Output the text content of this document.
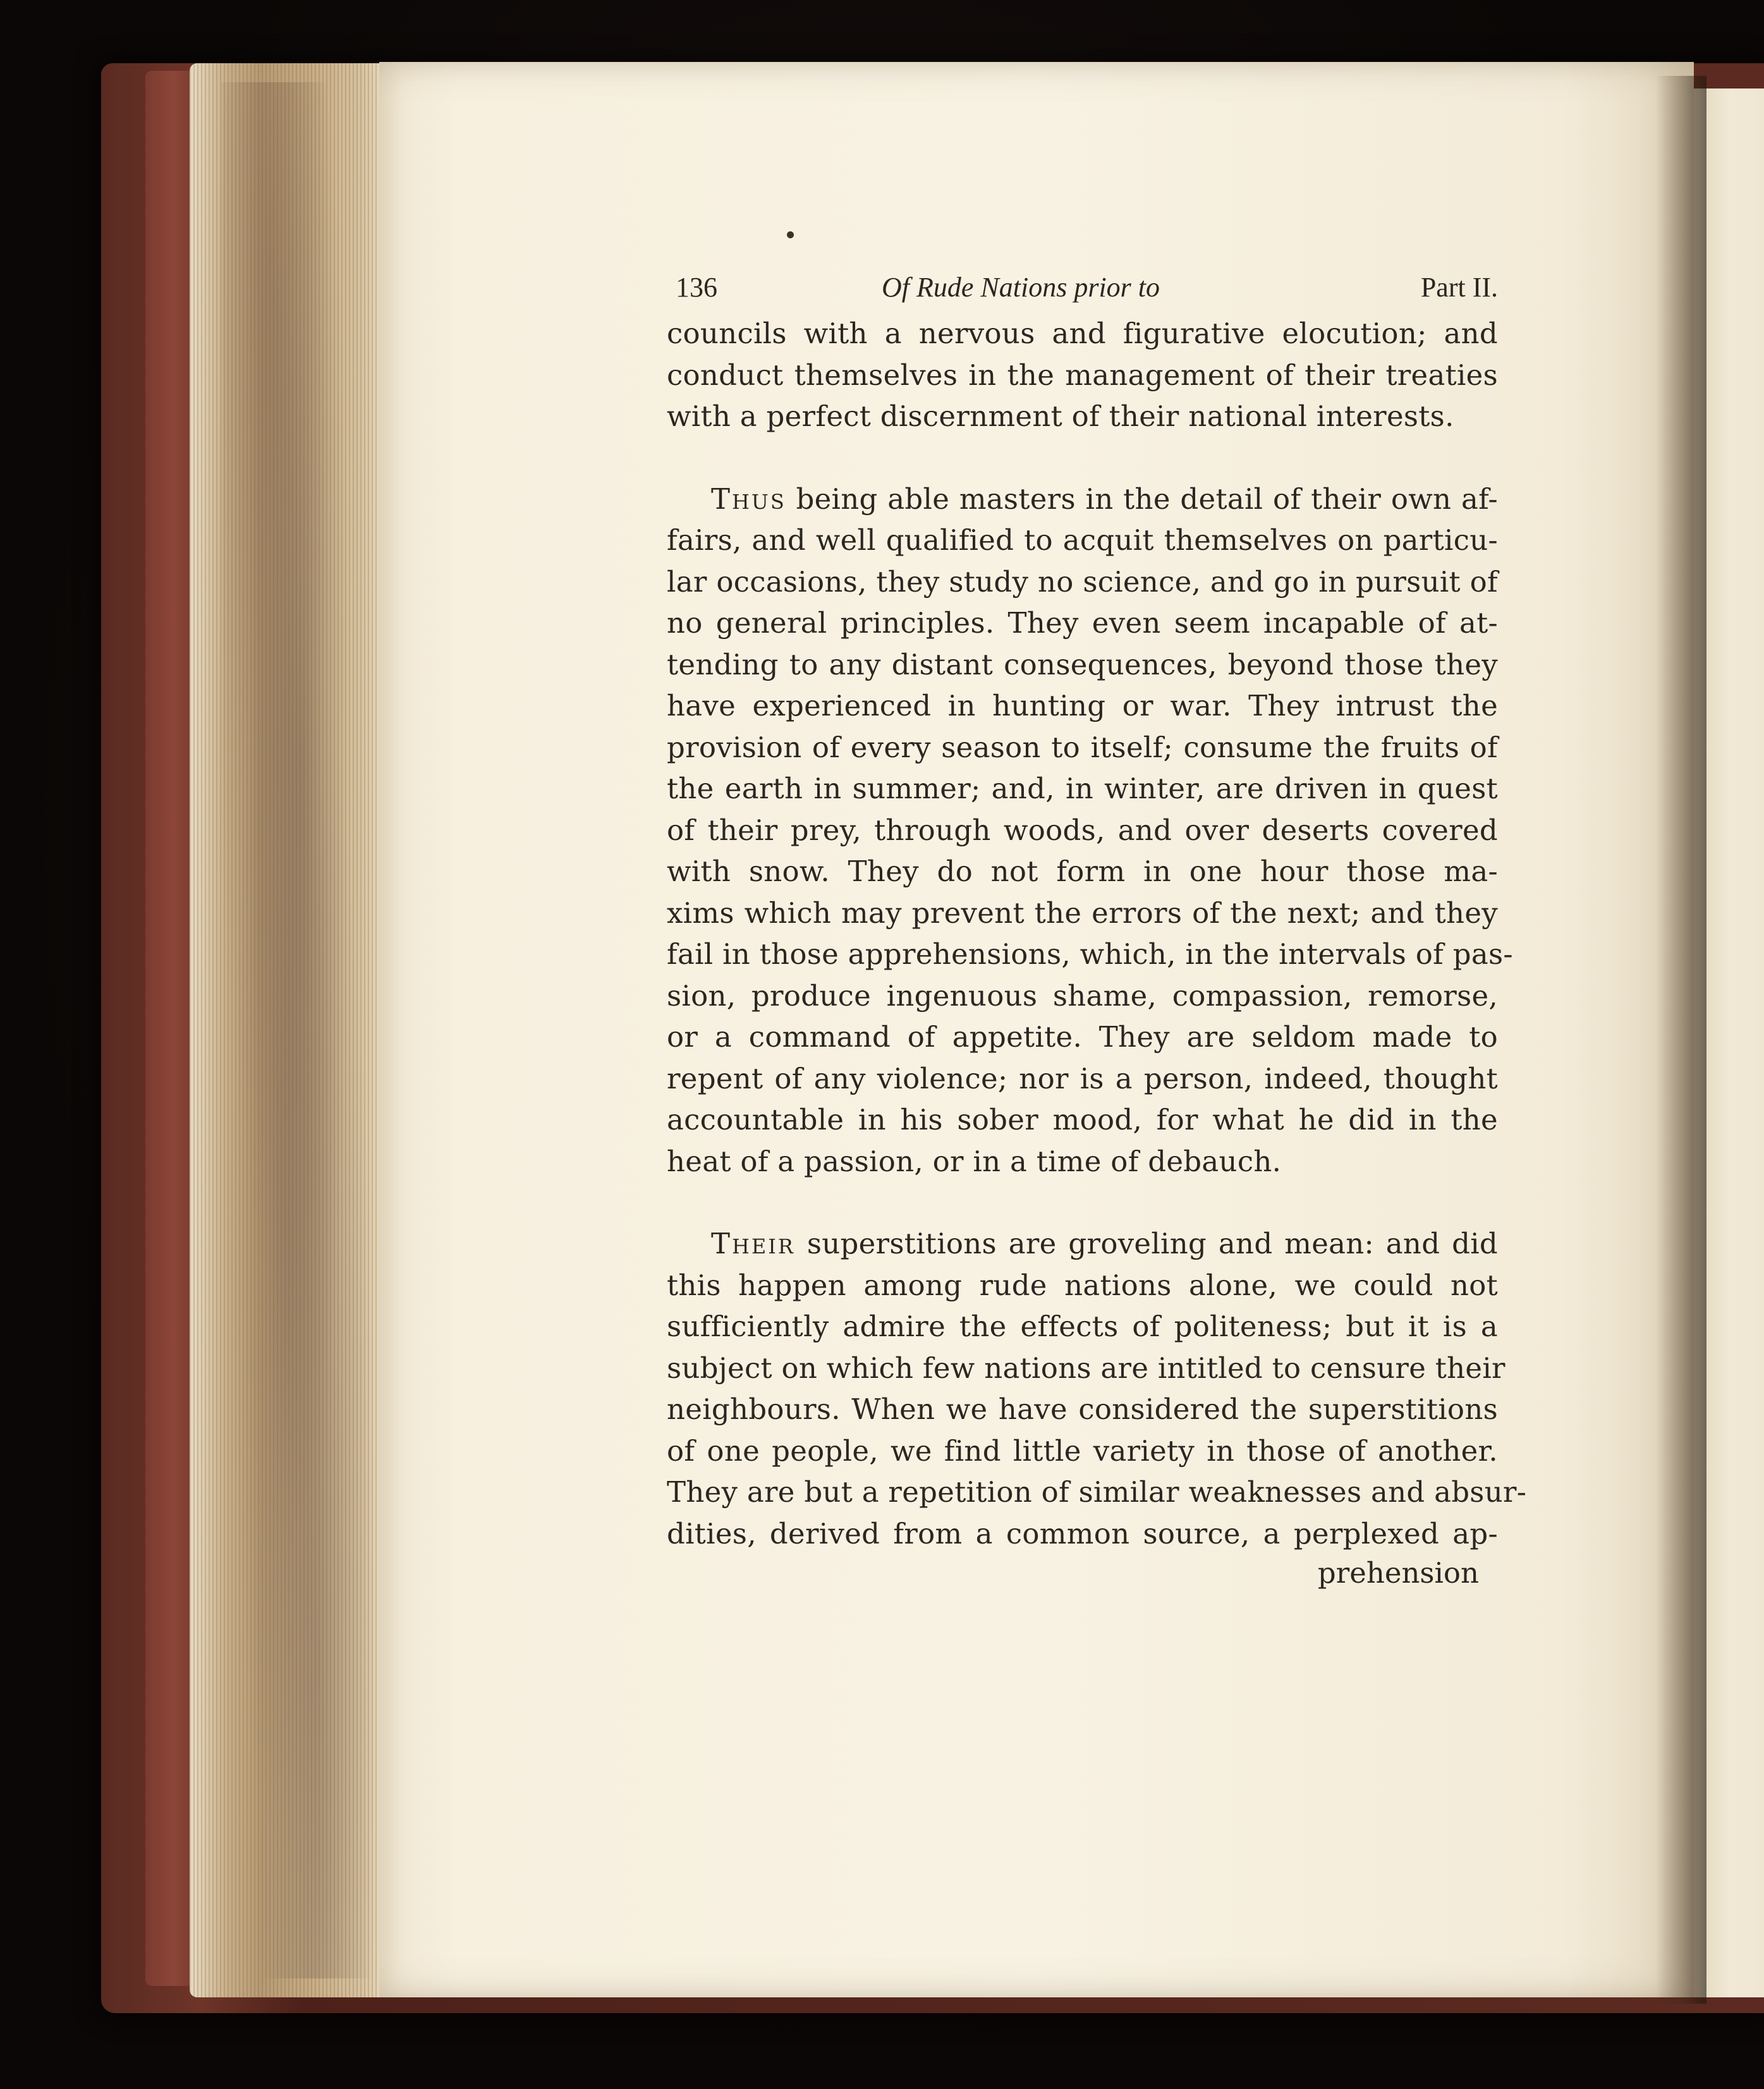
136	Of Rude Nations prior to	Part II.
councils with a nervous and figurative elocution; and
conduct themselves in the management of their treaties
with a perfect discernment of their national interests.
Thus being able masters in the detail of their own af-
fairs, and well qualified to acquit themselves on particu-
lar occasions, they study no science, and go in pursuit of
no general principles. They even seem incapable of at-
tending to any distant consequences, beyond those they
have experienced in hunting or war. They intrust the
provision of every season to itself; consume the fruits of
the earth in summer; and, in winter, are driven in quest
of their prey, through woods, and over deserts covered
with snow. They do not form in one hour those ma-
xims which may prevent the errors of the next; and they
fail in those apprehensions, which, in the intervals of pas-
sion, produce ingenuous shame, compassion, remorse,
or a command of appetite. They are seldom made to
repent of any violence; nor is a person, indeed, thought
accountable in his sober mood, for what he did in the
heat of a passion, or in a time of debauch.
Their superstitions are groveling and mean: and did
this happen among rude nations alone, we could not
sufficiently admire the effects of politeness; but it is a
subject on which few nations are intitled to censure their
neighbours. When we have considered the superstitions
of one people, we find little variety in those of another.
They are but a repetition of similar weaknesses and absur-
dities, derived from a common source, a perplexed ap-
prehension
